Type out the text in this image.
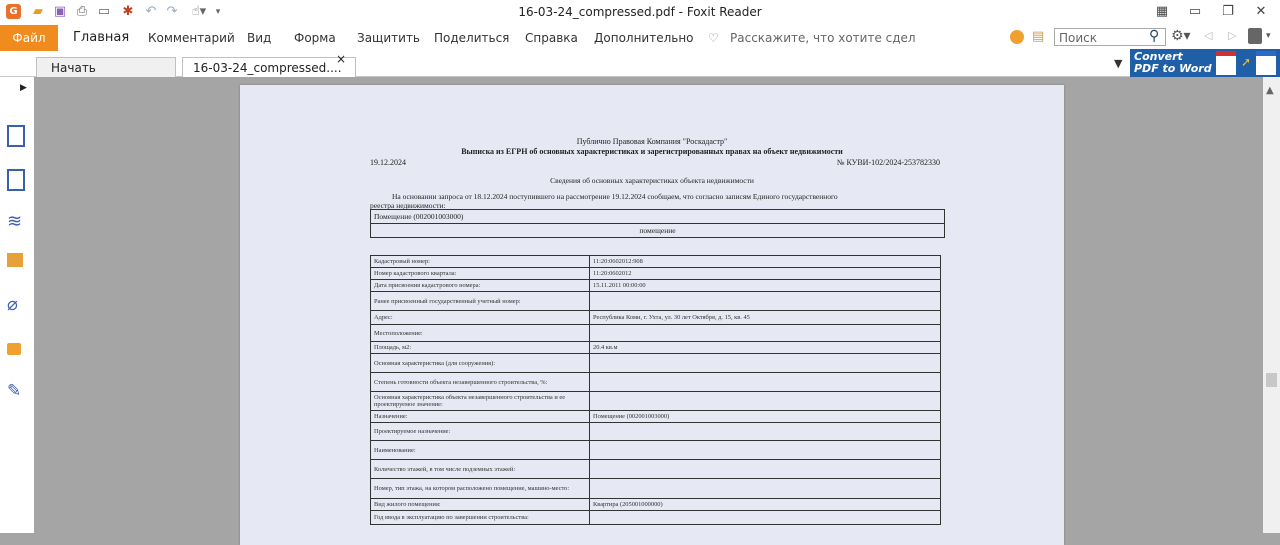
G ▰ ▣ ⎙ ▭ ✱ ↶ ↷ ☝▾	▾	16-03-24_compressed.pdf - Foxit Reader	▦	▭	❐	✕
Файл	Главная Комментарий Вид Форма Защитить Поделиться Справка Дополнительно ♡ Расскажите, что хотите сдел	▤	Поиск	⚲ ⚙▾ ◁ ▷	▾
Начать	16-03-24_compressed....
×	▼
Convert
PDF to Word ➚
▶
≋
⌀
✎
▲
Публично Правовая Компания "Роскадастр"
Выписка из ЕГРН об основных характеристиках и зарегистрированных правах на объект недвижимости
19.12.2024	№ КУВИ-102/2024-253782330
Сведения об основных характеристиках объекта недвижимости
На основании запроса от 18.12.2024 поступившего на рассмотрение 19.12.2024 сообщаем, что согласно записям Единого государственного
реестра недвижимости:
Помещение (002001003000)
помещение
Кадастровый номер:	11:20:0602012:908
Номер кадастрового квартала:	11:20:0602012
Дата присвоения кадастрового номера:	15.11.2011 00:00:00
Ранее присвоенный государственный учетный номер:	
Адрес:	Республика Коми, г. Ухта, ул. 30 лет Октября, д. 15, кв. 45
Местоположение:	
Площадь, м2:	20.4 кв.м
Основная характеристика (для сооружения):	
Степень готовности объекта незавершенного строительства, %:	
Основная характеристика объекта незавершенного строительства и ее проектируемое значение:	
Назначение:	Помещение (002001003000)
Проектируемое назначение:	
Наименование:	
Количество этажей, в том числе подземных этажей:	
Номер, тип этажа, на котором расположено помещение, машино-место:	
Вид жилого помещения:	Квартира (205001000000)
Год ввода в эксплуатацию по завершении строительства:	
